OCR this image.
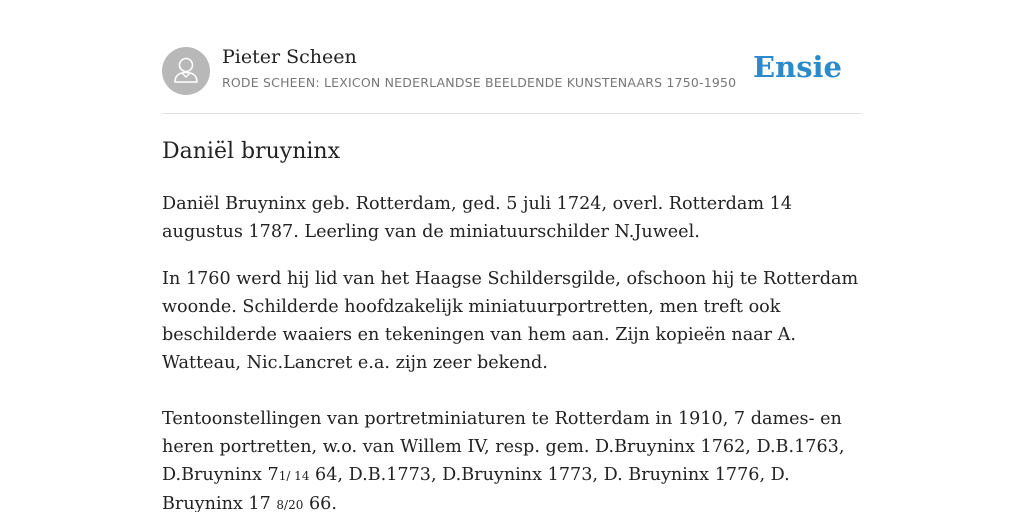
Pieter Scheen
RODE SCHEEN: LEXICON NEDERLANDSE BEELDENDE KUNSTENAARS 1750-1950 Ensie
Daniël bruyninx

Daniël Bruyninx geb. Rotterdam, ged. 5 juli 1724, overl. Rotterdam 14 augustus 1787. Leerling van de miniatuurschilder N.Juweel.

In 1760 werd hij lid van het Haagse Schildersgilde, ofschoon hij te Rotterdam woonde. Schilderde hoofdzakelijk miniatuurportretten, men treft ook beschilderde waaiers en tekeningen van hem aan. Zijn kopieën naar A. Watteau, Nic.Lancret e.a. zijn zeer bekend.

Tentoonstellingen van portretminiaturen te Rotterdam in 1910, 7 dames- en heren portretten, w.o. van Willem IV, resp. gem. D.Bruyninx 1762, D.B.1763, D.Bruyninx 71/ 14 64, D.B.1773, D.Bruyninx 1773, D. Bruyninx 1776, D. Bruyninx 17 8/20 66.
